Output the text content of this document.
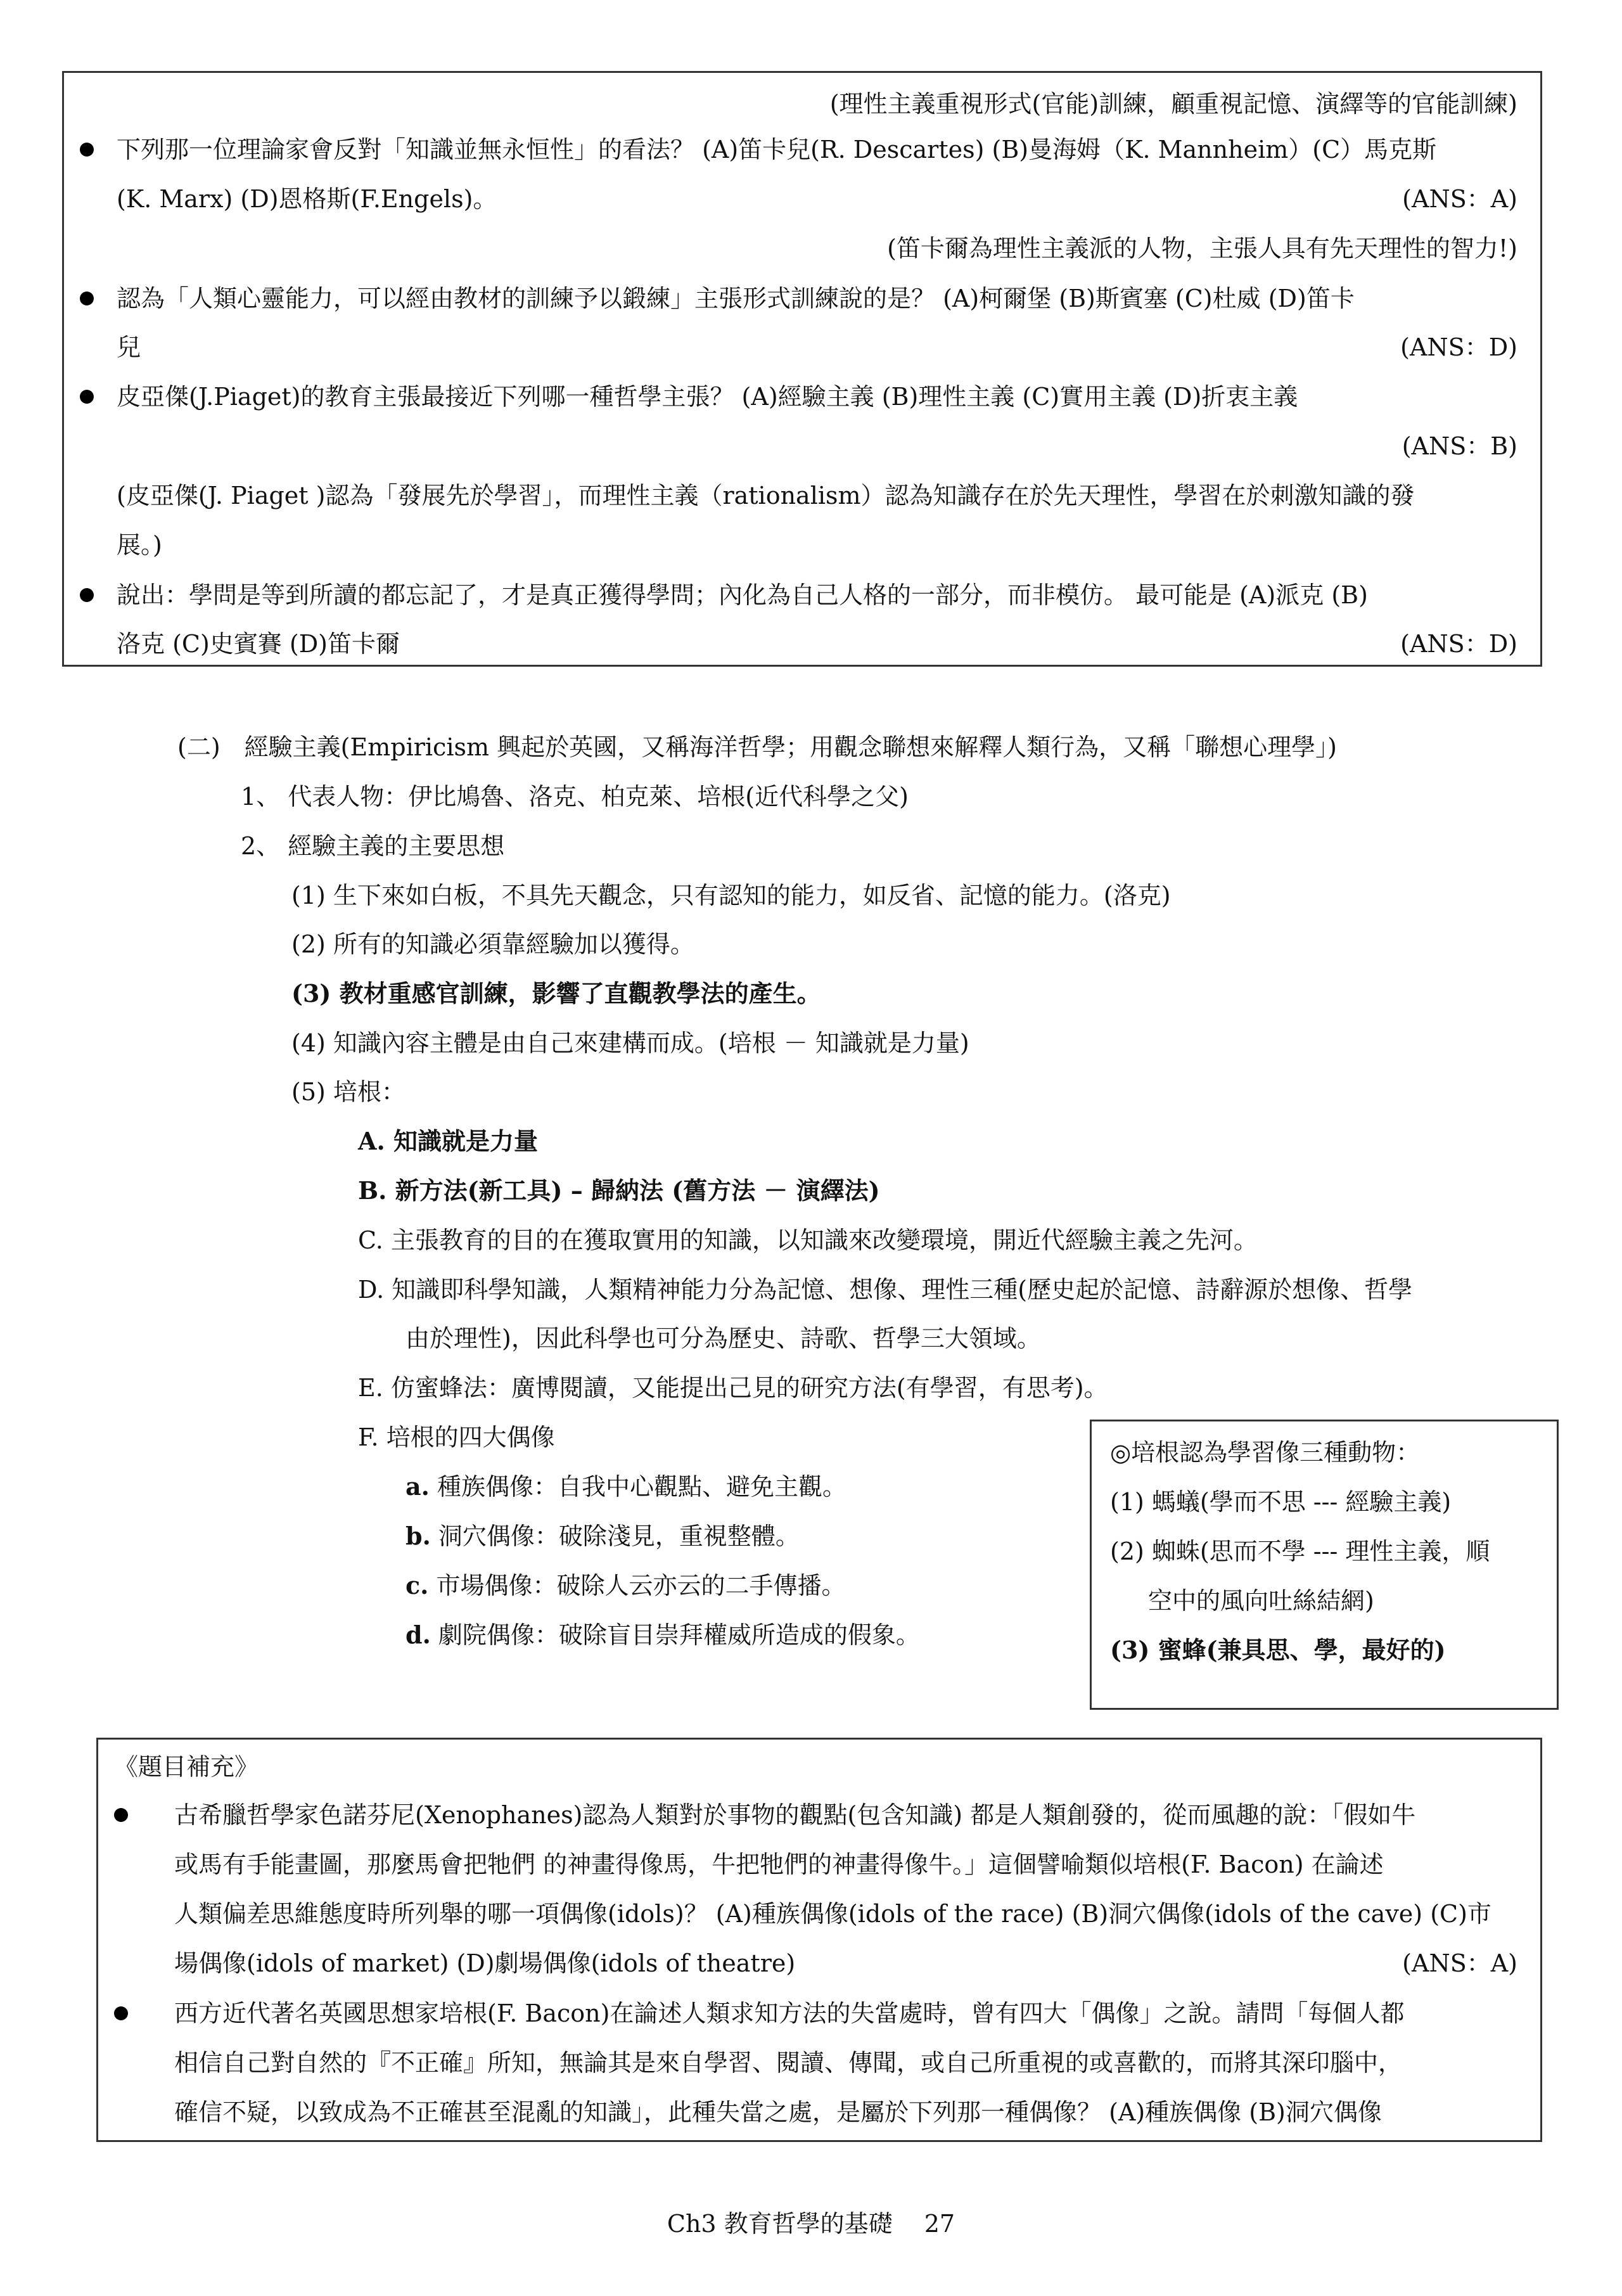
(理性主義重視形式(官能)訓練，顧重視記憶、演繹等的官能訓練)
下列那一位理論家會反對「知識並無永恒性」的看法？ (A)笛卡兒(R. Descartes) (B)曼海姆（K. Mannheim）(C）馬克斯
(K. Marx) (D)恩格斯(F.Engels)。	(ANS：A)
(笛卡爾為理性主義派的人物，主張人具有先天理性的智力!)
認為「人類心靈能力，可以經由教材的訓練予以鍛練」主張形式訓練說的是？ (A)柯爾堡 (B)斯賓塞 (C)杜威 (D)笛卡
兒	(ANS：D)
皮亞傑(J.Piaget)的教育主張最接近下列哪一種哲學主張？ (A)經驗主義 (B)理性主義 (C)實用主義 (D)折衷主義
(ANS：B)
(皮亞傑(J. Piaget )認為「發展先於學習」，而理性主義（rationalism）認為知識存在於先天理性，學習在於刺激知識的發
展。)
說出：學問是等到所讀的都忘記了，才是真正獲得學問；內化為自己人格的一部分，而非模仿。 最可能是 (A)派克 (B)
洛克 (C)史賓賽 (D)笛卡爾	(ANS：D)
(二)　經驗主義(Empiricism 興起於英國，又稱海洋哲學；用觀念聯想來解釋人類行為，又稱「聯想心理學」)
1、 代表人物：伊比鳩魯、洛克、柏克萊、培根(近代科學之父)
2、 經驗主義的主要思想
(1) 生下來如白板，不具先天觀念，只有認知的能力，如反省、記憶的能力。(洛克)
(2) 所有的知識必須靠經驗加以獲得。
(3) 教材重感官訓練，影響了直觀教學法的產生。
(4) 知識內容主體是由自己來建構而成。(培根 － 知識就是力量)
(5) 培根：
A. 知識就是力量
B. 新方法(新工具) – 歸納法 (舊方法 － 演繹法)
C. 主張教育的目的在獲取實用的知識，以知識來改變環境，開近代經驗主義之先河。
D. 知識即科學知識，人類精神能力分為記憶、想像、理性三種(歷史起於記憶、詩辭源於想像、哲學
由於理性)，因此科學也可分為歷史、詩歌、哲學三大領域。
E. 仿蜜蜂法：廣博閱讀，又能提出己見的研究方法(有學習，有思考)。
F. 培根的四大偶像
a. 種族偶像：自我中心觀點、避免主觀。
b. 洞穴偶像：破除淺見，重視整體。
c. 市場偶像：破除人云亦云的二手傳播。
d. 劇院偶像：破除盲目崇拜權威所造成的假象。
◎培根認為學習像三種動物：
(1) 螞蟻(學而不思 --- 經驗主義)
(2) 蜘蛛(思而不學 --- 理性主義，順
空中的風向吐絲結網)
(3) 蜜蜂(兼具思、學，最好的)
《題目補充》
古希臘哲學家色諾芬尼(Xenophanes)認為人類對於事物的觀點(包含知識) 都是人類創發的，從而風趣的說：「假如牛
或馬有手能畫圖，那麼馬會把牠們 的神畫得像馬，牛把牠們的神畫得像牛。」這個譬喻類似培根(F. Bacon) 在論述
人類偏差思維態度時所列舉的哪一項偶像(idols)？ (A)種族偶像(idols of the race) (B)洞穴偶像(idols of the cave) (C)市
場偶像(idols of market) (D)劇場偶像(idols of theatre)	(ANS：A)
西方近代著名英國思想家培根(F. Bacon)在論述人類求知方法的失當處時，曾有四大「偶像」之說。請問「每個人都
相信自己對自然的『不正確』所知，無論其是來自學習、閱讀、傳聞，或自己所重視的或喜歡的，而將其深印腦中，
確信不疑，以致成為不正確甚至混亂的知識」，此種失當之處，是屬於下列那一種偶像？ (A)種族偶像 (B)洞穴偶像
Ch3 教育哲學的基礎　 27
